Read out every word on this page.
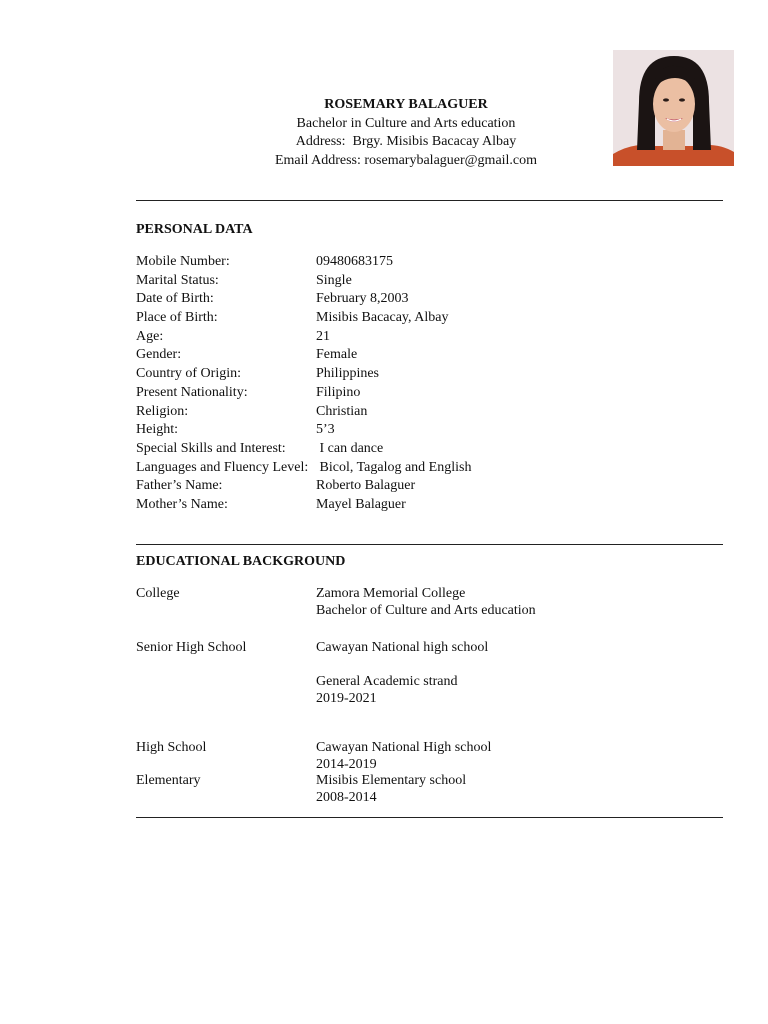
ROSEMARY BALAGUER
Bachelor in Culture and Arts education
Address:  Brgy. Misibis Bacacay Albay
Email Address: rosemarybalaguer@gmail.com
PERSONAL DATA
Mobile Number:	09480683175
Marital Status:	Single
Date of Birth:	February 8,2003
Place of Birth:	Misibis Bacacay, Albay
Age:	21
Gender:	Female
Country of Origin:	Philippines
Present Nationality:	Filipino
Religion:	Christian
Height:	5’3
Special Skills and Interest: I can dance
Languages and Fluency Level: Bicol, Tagalog and English
Father’s Name:	Roberto Balaguer
Mother’s Name:	Mayel Balaguer
EDUCATIONAL BACKGROUND
College	Zamora Memorial College
Bachelor of Culture and Arts education
Senior High School	Cawayan National high school
General Academic strand
2019-2021
High School	Cawayan National High school
2014-2019
Elementary	Misibis Elementary school
2008-2014
